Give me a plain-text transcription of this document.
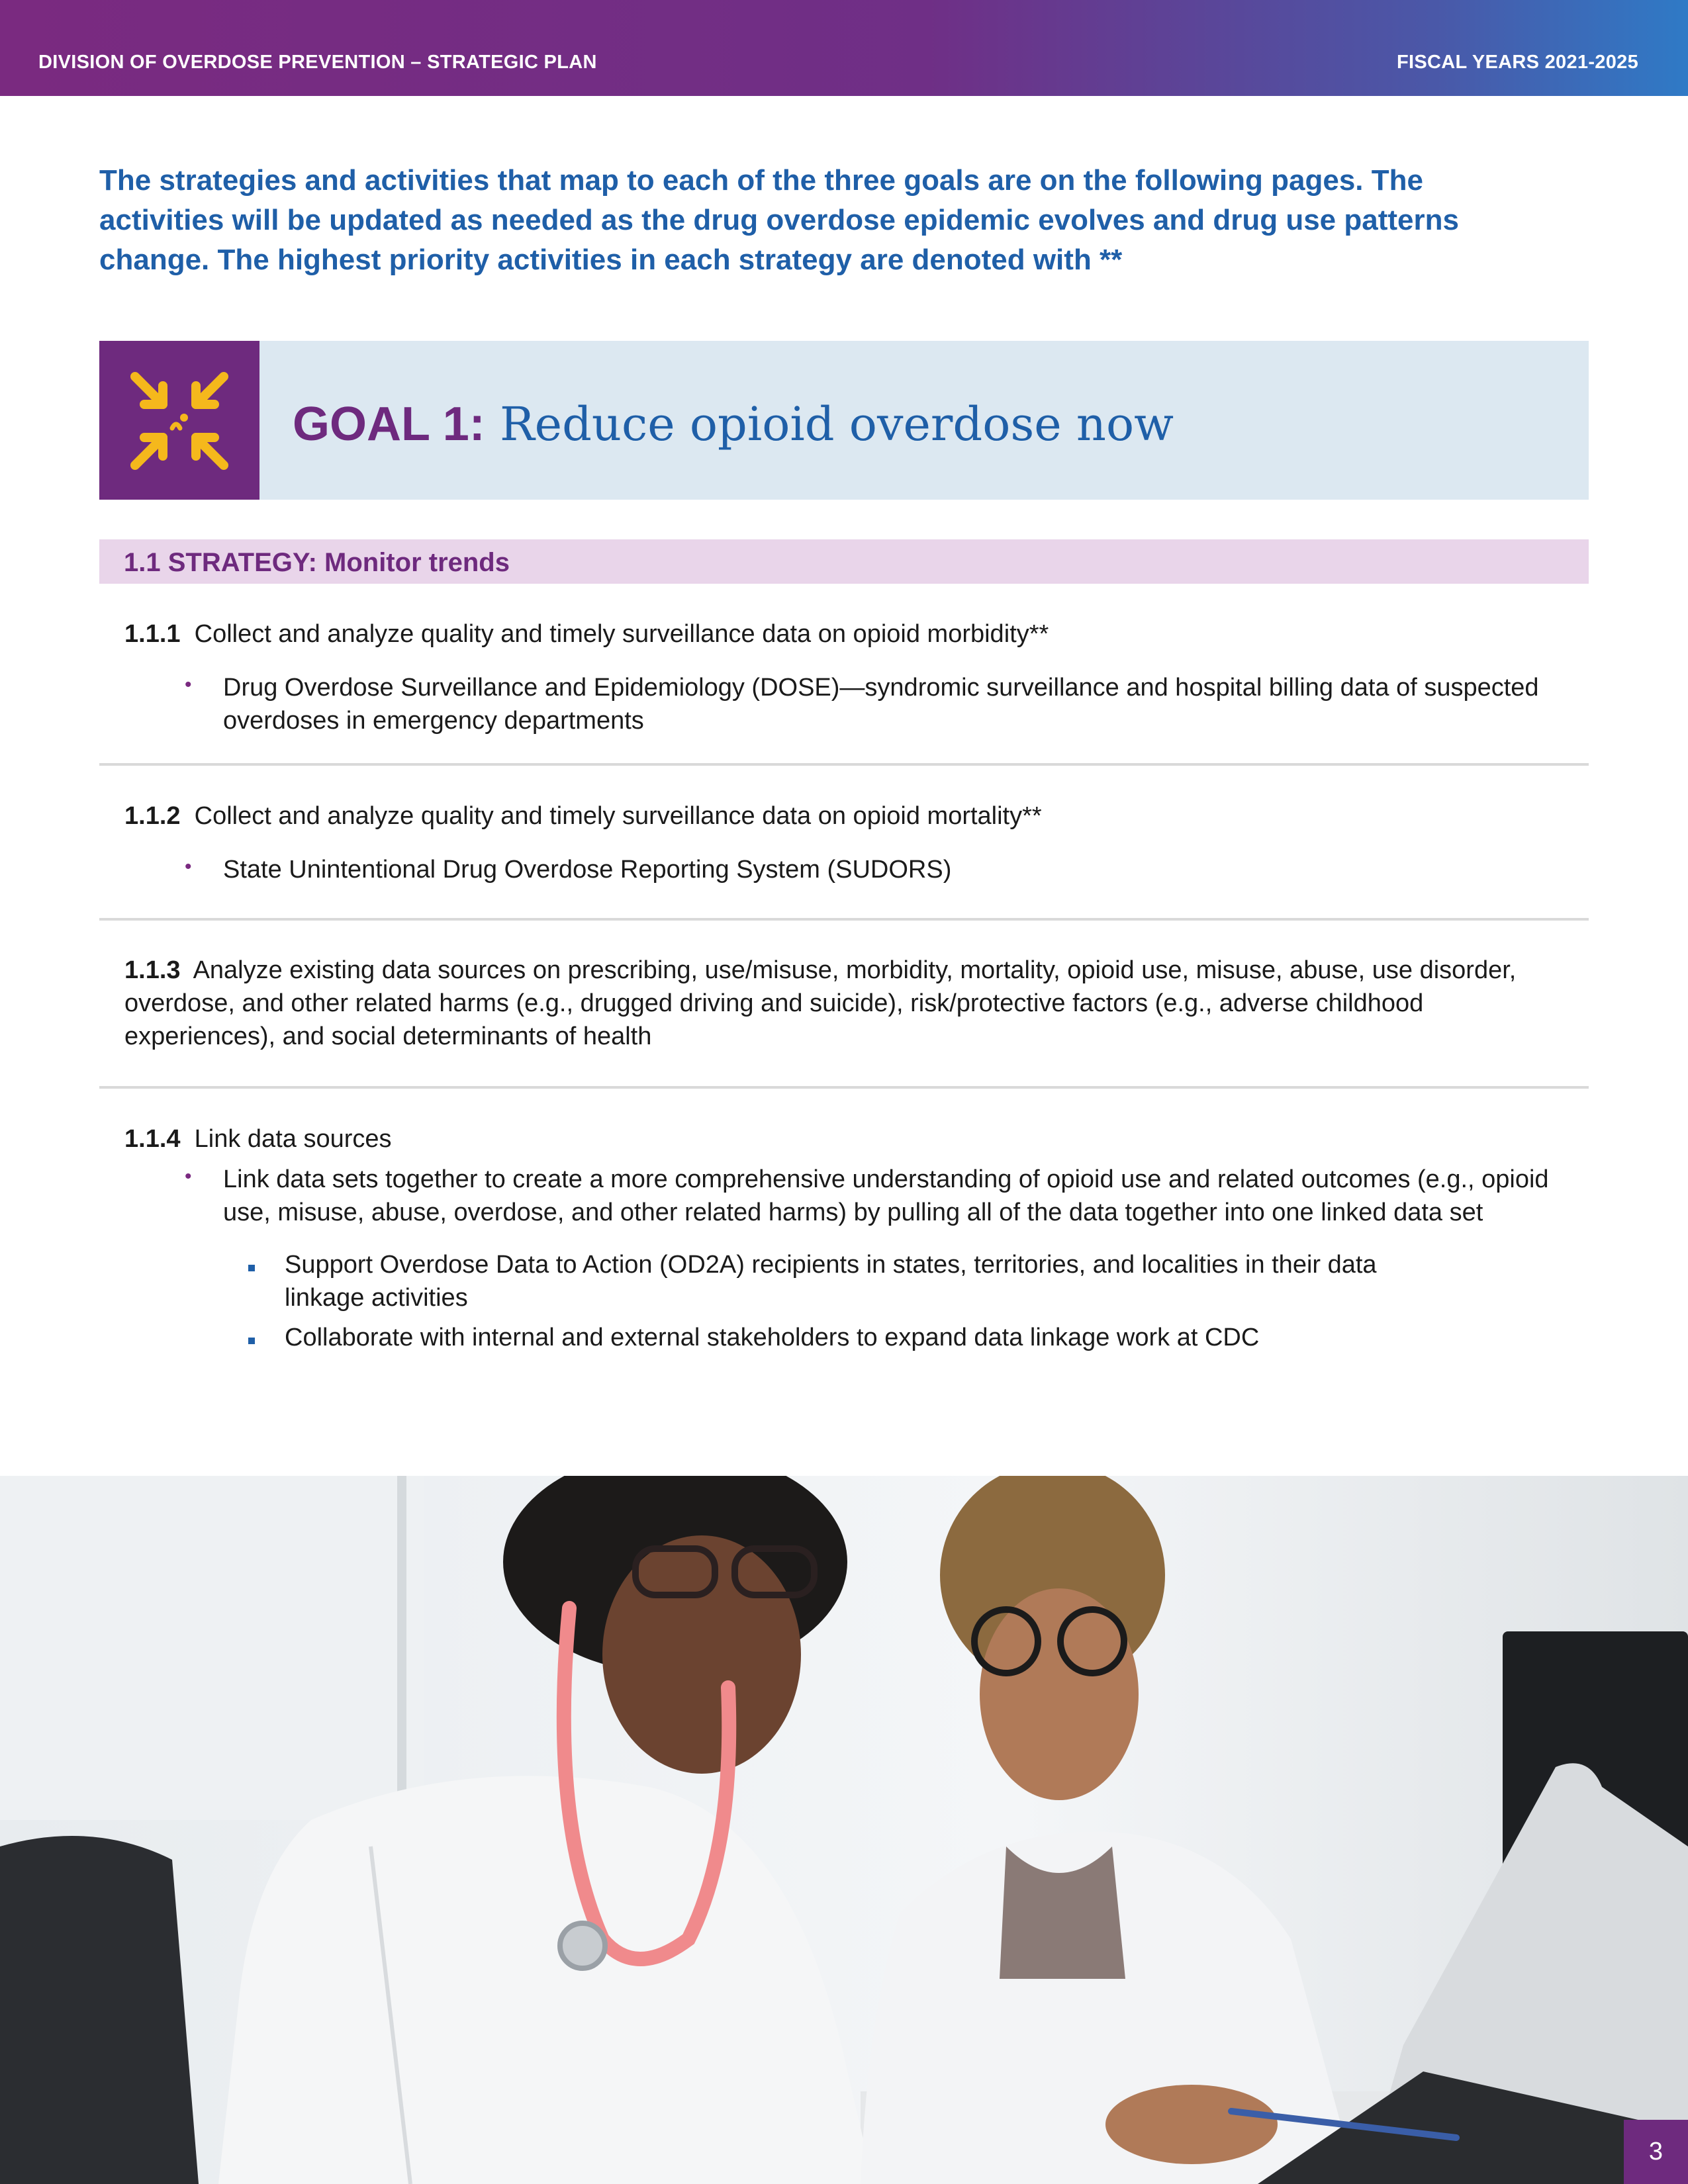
DIVISION OF OVERDOSE PREVENTION – STRATEGIC PLAN	FISCAL YEARS 2021-2025
The strategies and activities that map to each of the three goals are on the following pages. The
activities will be updated as needed as the drug overdose epidemic evolves and drug use patterns
change. The highest priority activities in each strategy are denoted with **
GOAL 1: Reduce opioid overdose now
1.1 STRATEGY: Monitor trends
1.1.1 Collect and analyze quality and timely surveillance data on opioid morbidity**
• Drug Overdose Surveillance and Epidemiology (DOSE)—syndromic surveillance and hospital billing data of suspected
overdoses in emergency departments
1.1.2 Collect and analyze quality and timely surveillance data on opioid mortality**
• State Unintentional Drug Overdose Reporting System (SUDORS)
1.1.3 Analyze existing data sources on prescribing, use/misuse, morbidity, mortality, opioid use, misuse, abuse, use disorder,
overdose, and other related harms (e.g., drugged driving and suicide), risk/protective factors (e.g., adverse childhood
experiences), and social determinants of health
1.1.4 Link data sources
• Link data sets together to create a more comprehensive understanding of opioid use and related outcomes (e.g., opioid
use, misuse, abuse, overdose, and other related harms) by pulling all of the data together into one linked data set
Support Overdose Data to Action (OD2A) recipients in states, territories, and localities in their data
linkage activities
Collaborate with internal and external stakeholders to expand data linkage work at CDC
3
